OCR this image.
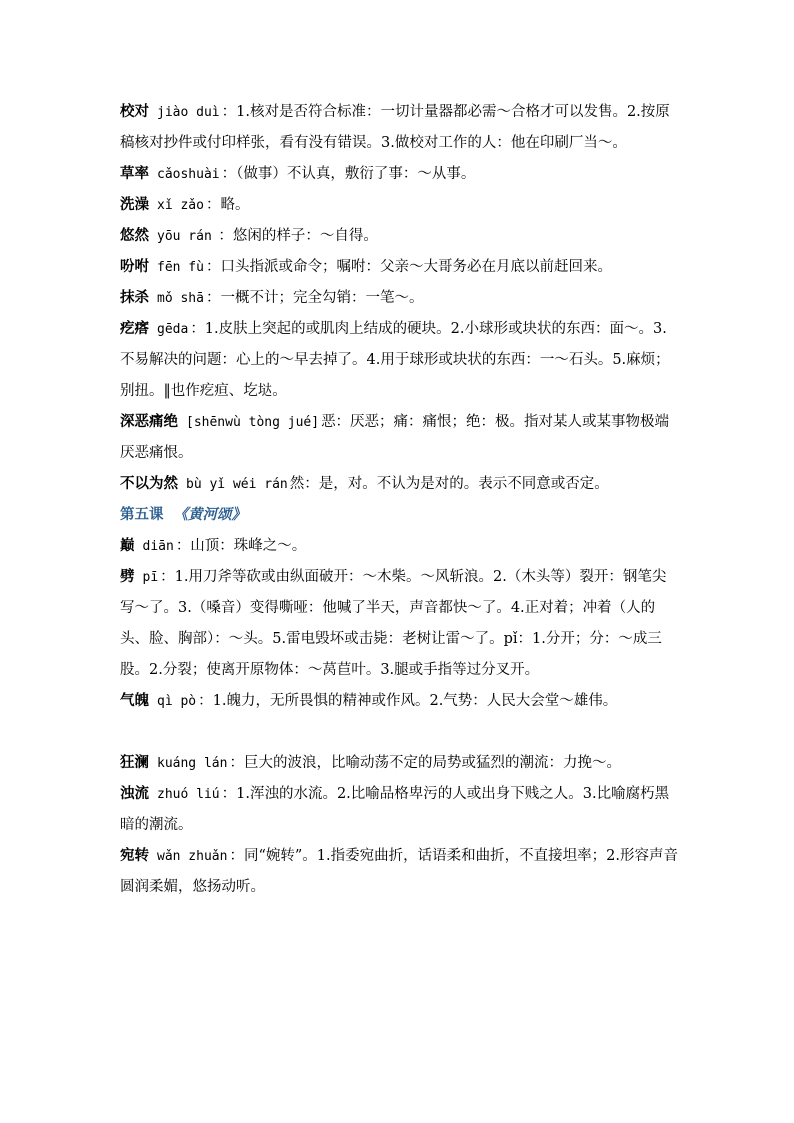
校对 jiào duì ：1.核对是否符合标准：一切计量器都必需～合格才可以发售。2.按原稿核对抄件或付印样张，看有没有错误。3.做校对工作的人：他在印刷厂当～。

草率 cǎoshuài ：（做事）不认真，敷衍了事：～从事。

洗澡 xǐ zǎo ：略。

悠然 yōu rán ：悠闲的样子：～自得。

吩咐 fēn fù ：口头指派或命令；嘱咐：父亲～大哥务必在月底以前赶回来。

抹杀 mǒ shā ：一概不计；完全勾销：一笔～。

疙瘩 gēda ：1.皮肤上突起的或肌肉上结成的硬块。2.小球形或块状的东西：面～。3.不易解决的问题：心上的～早去掉了。4.用于球形或块状的东西：一～石头。5.麻烦；别扭。‖也作疙疸、圪垯。

深恶痛绝 [shēnwù tòng jué] 恶：厌恶；痛：痛恨；绝：极。指对某人或某事物极端厌恶痛恨。

不以为然 bù yǐ wéi rán 然：是，对。不认为是对的。表示不同意或否定。

第五课 《黄河颂》

巅 diān ：山顶：珠峰之～。

劈 pī ：1.用刀斧等砍或由纵面破开：～木柴。～风斩浪。2.（木头等）裂开：钢笔尖写～了。3.（嗓音）变得嘶哑：他喊了半天，声音都快～了。4.正对着；冲着（人的头、脸、胸部）：～头。5.雷电毁坏或击毙：老树让雷～了。pǐ：1.分开；分：～成三股。2.分裂；使离开原物体：～莴苣叶。3.腿或手指等过分叉开。

气魄 qì pò ：1.魄力，无所畏惧的精神或作风。2.气势：人民大会堂～雄伟。

狂澜 kuáng lán ：巨大的波浪，比喻动荡不定的局势或猛烈的潮流：力挽～。

浊流 zhuó liú ：1.浑浊的水流。2.比喻品格卑污的人或出身下贱之人。3.比喻腐朽黑暗的潮流。

宛转 wǎn zhuǎn ：同“婉转”。1.指委宛曲折，话语柔和曲折，不直接坦率；2.形容声音圆润柔媚，悠扬动听。
